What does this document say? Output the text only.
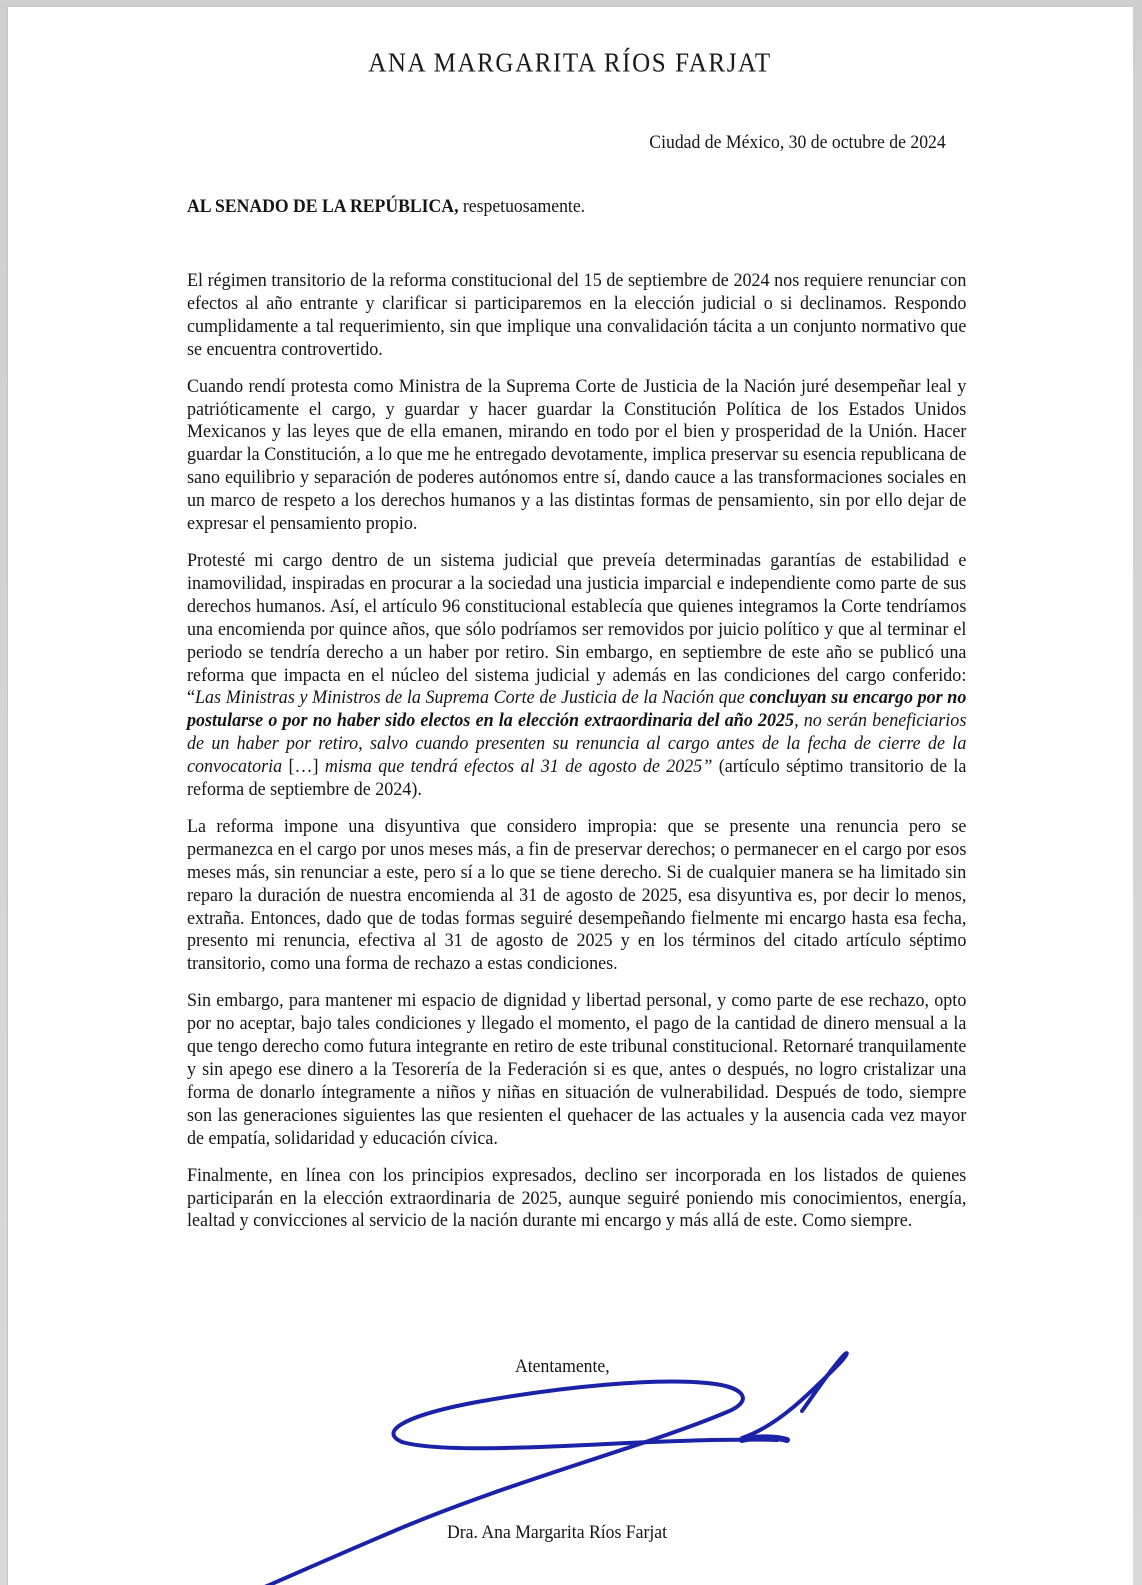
ANA MARGARITA RÍOS FARJAT
Ciudad de México, 30 de octubre de 2024
AL SENADO DE LA REPÚBLICA, respetuosamente.

El régimen transitorio de la reforma constitucional del 15 de septiembre de 2024 nos requiere renunciar con efectos al año entrante y clarificar si participaremos en la elección judicial o si declinamos. Respondo cumplidamente a tal requerimiento, sin que implique una convalidación tácita a un conjunto normativo que se encuentra controvertido.

Cuando rendí protesta como Ministra de la Suprema Corte de Justicia de la Nación juré desempeñar leal y patrióticamente el cargo, y guardar y hacer guardar la Constitución Política de los Estados Unidos Mexicanos y las leyes que de ella emanen, mirando en todo por el bien y prosperidad de la Unión. Hacer guardar la Constitución, a lo que me he entregado devotamente, implica preservar su esencia republicana de sano equilibrio y separación de poderes autónomos entre sí, dando cauce a las transformaciones sociales en un marco de respeto a los derechos humanos y a las distintas formas de pensamiento, sin por ello dejar de expresar el pensamiento propio.

Protesté mi cargo dentro de un sistema judicial que preveía determinadas garantías de estabilidad e inamovilidad, inspiradas en procurar a la sociedad una justicia imparcial e independiente como parte de sus derechos humanos. Así, el artículo 96 constitucional establecía que quienes integramos la Corte tendríamos una encomienda por quince años, que sólo podríamos ser removidos por juicio político y que al terminar el periodo se tendría derecho a un haber por retiro. Sin embargo, en septiembre de este año se publicó una reforma que impacta en el núcleo del sistema judicial y además en las condiciones del cargo conferido: “Las Ministras y Ministros de la Suprema Corte de Justicia de la Nación que concluyan su encargo por no postularse o por no haber sido electos en la elección extraordinaria del año 2025, no serán beneficiarios de un haber por retiro, salvo cuando presenten su renuncia al cargo antes de la fecha de cierre de la convocatoria […] misma que tendrá efectos al 31 de agosto de 2025” (artículo séptimo transitorio de la reforma de septiembre de 2024).

La reforma impone una disyuntiva que considero impropia: que se presente una renuncia pero se permanezca en el cargo por unos meses más, a fin de preservar derechos; o permanecer en el cargo por esos meses más, sin renunciar a este, pero sí a lo que se tiene derecho. Si de cualquier manera se ha limitado sin reparo la duración de nuestra encomienda al 31 de agosto de 2025, esa disyuntiva es, por decir lo menos, extraña. Entonces, dado que de todas formas seguiré desempeñando fielmente mi encargo hasta esa fecha, presento mi renuncia, efectiva al 31 de agosto de 2025 y en los términos del citado artículo séptimo transitorio, como una forma de rechazo a estas condiciones.

Sin embargo, para mantener mi espacio de dignidad y libertad personal, y como parte de ese rechazo, opto por no aceptar, bajo tales condiciones y llegado el momento, el pago de la cantidad de dinero mensual a la que tengo derecho como futura integrante en retiro de este tribunal constitucional. Retornaré tranquilamente y sin apego ese dinero a la Tesorería de la Federación si es que, antes o después, no logro cristalizar una forma de donarlo íntegramente a niños y niñas en situación de vulnerabilidad. Después de todo, siempre son las generaciones siguientes las que resienten el quehacer de las actuales y la ausencia cada vez mayor de empatía, solidaridad y educación cívica.

Finalmente, en línea con los principios expresados, declino ser incorporada en los listados de quienes participarán en la elección extraordinaria de 2025, aunque seguiré poniendo mis conocimientos, energía, lealtad y convicciones al servicio de la nación durante mi encargo y más allá de este. Como siempre.

Atentamente,
Dra. Ana Margarita Ríos Farjat
